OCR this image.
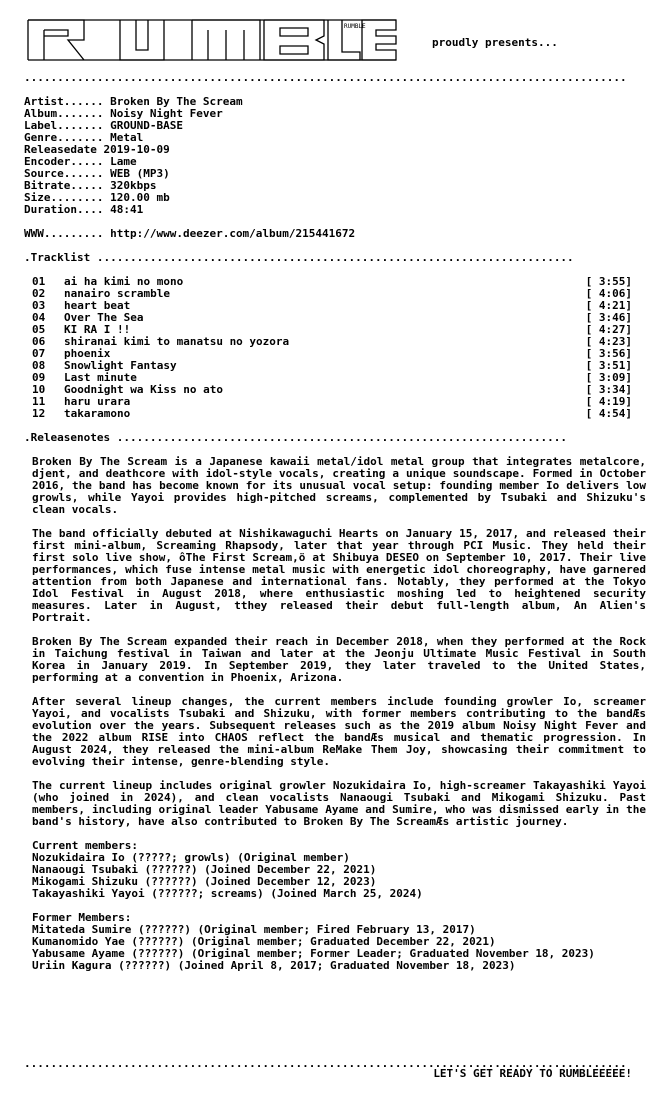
RUMBLE
proudly presents...
...........................................................................................
Artist...... Broken By The Scream
Album....... Noisy Night Fever
Label....... GROUND-BASE
Genre....... Metal
Releasedate 2019-10-09
Encoder..... Lame
Source...... WEB (MP3)
Bitrate..... 320kbps
Size........ 120.00 mb
Duration.... 48:41
WWW......... http://www.deezer.com/album/215441672
.Tracklist ........................................................................
01	ai ha kimi no mono	[ 3:55]
02	nanairo scramble	[ 4:06]
03	heart beat	[ 4:21]
04	Over The Sea	[ 3:46]
05	KI RA I !!	[ 4:27]
06	shiranai kimi to manatsu no yozora	[ 4:23]
07	phoenix	[ 3:56]
08	Snowlight Fantasy	[ 3:51]
09	Last minute	[ 3:09]
10	Goodnight wa Kiss no ato	[ 3:34]
11	haru urara	[ 4:19]
12	takaramono	[ 4:54]
.Releasenotes ....................................................................

Broken By The Scream is a Japanese kawaii metal/idol metal group that integrates metalcore, djent, and deathcore with idol-style vocals, creating a unique soundscape. Formed in October 2016, the band has become known for its unusual vocal setup: founding member Io delivers low growls, while Yayoi provides high-pitched screams, complemented by Tsubaki and Shizuku's clean vocals.

The band officially debuted at Nishikawaguchi Hearts on January 15, 2017, and released their first mini-album, Screaming Rhapsody, later that year through PCI Music. They held their first solo live show, ôThe First Scream,ö at Shibuya DESEO on September 10, 2017. Their live performances, which fuse intense metal music with energetic idol choreography, have garnered attention from both Japanese and international fans. Notably, they performed at the Tokyo Idol Festival in August 2018, where enthusiastic moshing led to heightened security measures. Later in August, tthey released their debut full-length album, An Alien's Portrait.

Broken By The Scream expanded their reach in December 2018, when they performed at the Rock in Taichung festival in Taiwan and later at the Jeonju Ultimate Music Festival in South Korea in January 2019. In September 2019, they later traveled to the United States, performing at a convention in Phoenix, Arizona.

After several lineup changes, the current members include founding growler Io, screamer Yayoi, and vocalists Tsubaki and Shizuku, with former members contributing to the bandÆs evolution over the years. Subsequent releases such as the 2019 album Noisy Night Fever and the 2022 album RISE into CHAOS reflect the bandÆs musical and thematic progression. In August 2024, they released the mini-album ReMake Them Joy, showcasing their commitment to evolving their intense, genre-blending style.

The current lineup includes original growler Nozukidaira Io, high-screamer Takayashiki Yayoi (who joined in 2024), and clean vocalists Nanaougi Tsubaki and Mikogami Shizuku. Past members, including original leader Yabusame Ayame and Sumire, who was dismissed early in the band's history, have also contributed to Broken By The ScreamÆs artistic journey.

Current members:
Nozukidaira Io (?????; growls) (Original member)
Nanaougi Tsubaki (??????) (Joined December 22, 2021)
Mikogami Shizuku (??????) (Joined December 12, 2023)
Takayashiki Yayoi (??????; screams) (Joined March 25, 2024)
Former Members:
Mitateda Sumire (??????) (Original member; Fired February 13, 2017)
Kumanomido Yae (??????) (Original member; Graduated December 22, 2021)
Yabusame Ayame (??????) (Original member; Former Leader; Graduated November 18, 2023)
Uriin Kagura (??????) (Joined April 8, 2017; Graduated November 18, 2023)
...........................................................................................
LET'S GET READY TO RUMBLEEEEE!
